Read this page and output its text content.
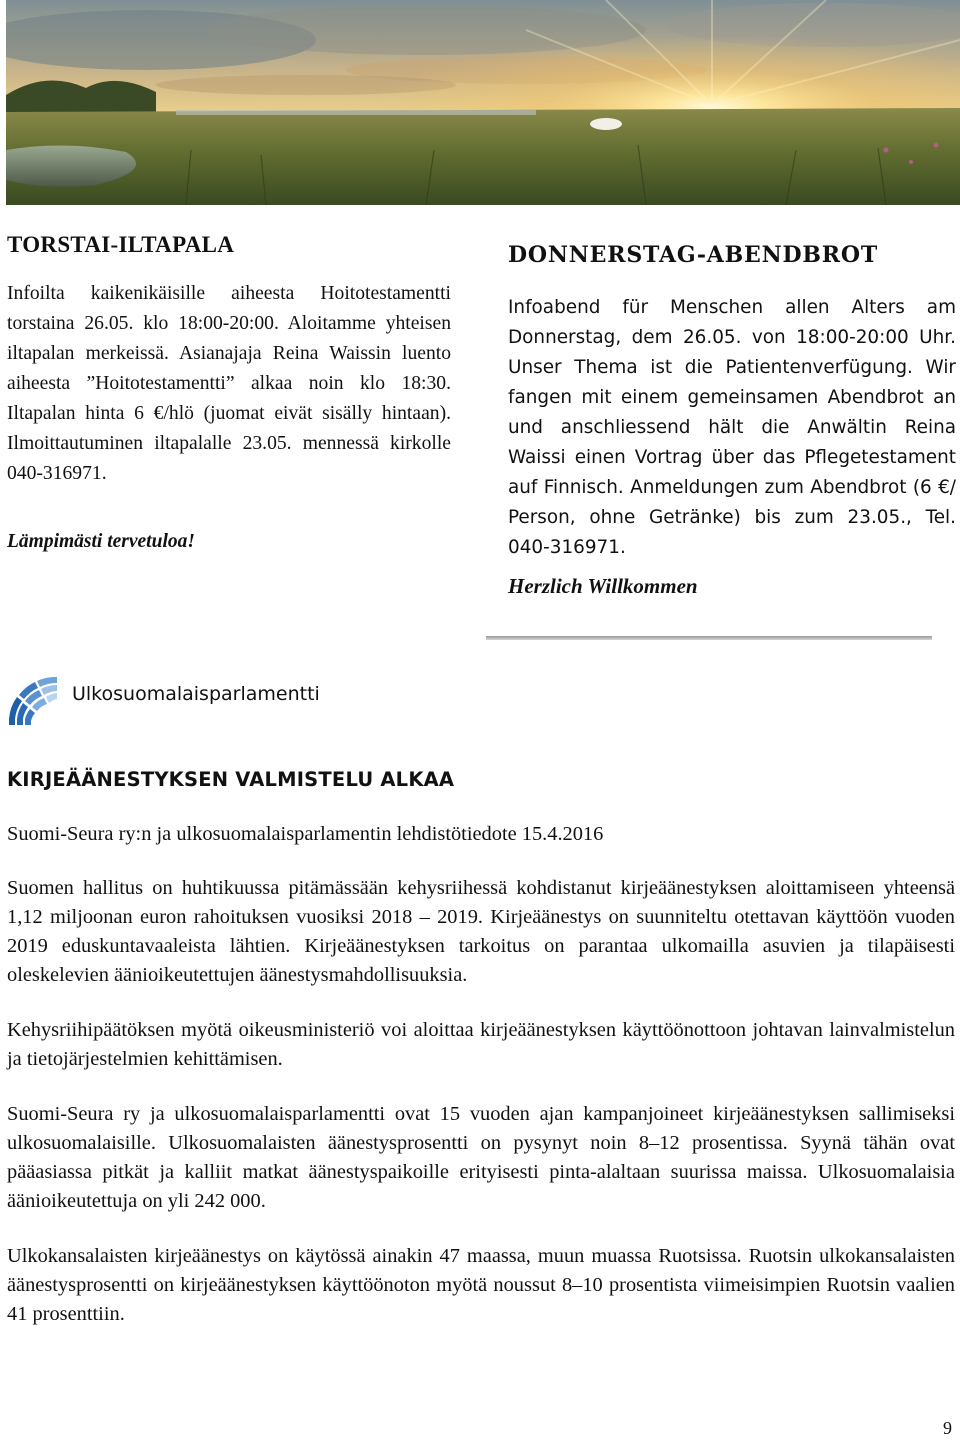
TORSTAI-ILTAPALA

Infoilta kaikenikäisille aiheesta Hoitotestamentti torstaina 26.05. klo 18:00-20:00. Aloitamme yhteisen iltapalan merkeissä. Asianajaja Reina Waissin luento aiheesta ”Hoitotestamentti” alkaa noin klo 18:30. Iltapalan hinta 6 €/hlö (juomat eivät sisälly hintaan). Ilmoittautuminen iltapalalle 23.05. mennessä kirkolle 040-316971.

Lämpimästi tervetuloa!
DONNERSTAG-ABENDBROT

Infoabend für Menschen allen Alters am Donnerstag, dem 26.05. von 18:00-20:00 Uhr. Unser Thema ist die Patientenverfügung. Wir fangen mit einem gemeinsamen Abendbrot an und anschliessend hält die Anwältin Reina Waissi einen Vortrag über das Pflegetestament auf Finnisch. Anmeldungen zum Abendbrot (6 €/ Person, ohne Getränke) bis zum 23.05., Tel. 040-316971.

Herzlich Willkommen
Ulkosuomalaisparlamentti
KIRJEÄÄNESTYKSEN VALMISTELU ALKAA

Suomi-Seura ry:n ja ulkosuomalaisparlamentin lehdistötiedote 15.4.2016

Suomen hallitus on huhtikuussa pitämässään kehysriihessä kohdistanut kirjeäänestyksen aloittamiseen yhteensä 1,12 miljoonan euron rahoituksen vuosiksi 2018 – 2019. Kirjeäänestys on suunniteltu otettavan käyttöön vuoden 2019 eduskuntavaaleista lähtien. Kirjeäänestyksen tarkoitus on parantaa ulkomailla asuvien ja tilapäisesti oleskelevien äänioikeutettujen äänestysmahdollisuuksia.

Kehysriihipäätöksen myötä oikeusministeriö voi aloittaa kirjeäänestyksen käyttöönottoon johtavan lainvalmistelun ja tietojärjestelmien kehittämisen.

Suomi-Seura ry ja ulkosuomalaisparlamentti ovat 15 vuoden ajan kampanjoineet kirjeäänestyksen sallimiseksi ulkosuomalaisille. Ulkosuomalaisten äänestysprosentti on pysynyt noin 8–12 prosentissa. Syynä tähän ovat pääasiassa pitkät ja kalliit matkat äänestyspaikoille erityisesti pinta-alaltaan suurissa maissa. Ulkosuomalaisia äänioikeutettuja on yli 242 000.

Ulkokansalaisten kirjeäänestys on käytössä ainakin 47 maassa, muun muassa Ruotsissa. Ruotsin ulkokansalaisten äänestysprosentti on kirjeäänestyksen käyttöönoton myötä noussut 8–10 prosentista viimeisimpien Ruotsin vaalien 41 prosenttiin.

9
